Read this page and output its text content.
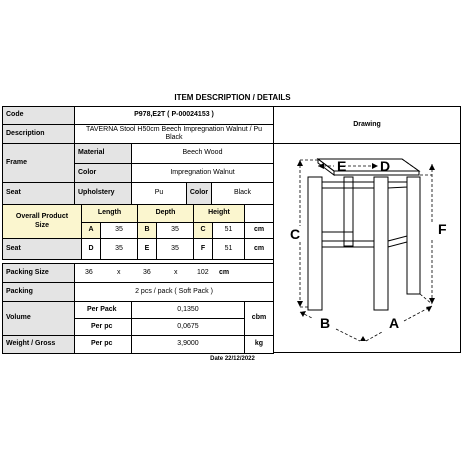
ITEM DESCRIPTION / DETAILS
Code	P978,E2T ( P-00024153 )
Drawing
E D
C	F
B	A
Description
TAVERNA Stool H50cm Beech Impregnation Walnut / Pu Black
Frame
Material	Beech Wood
Color	Impregnation Walnut
Seat	Upholstery	Pu	Color	Black
Overall Product Size
Length	Depth	Height
A	35	B	35	C	51	cm
Seat	D	35	E	35	F	51	cm
Packing Size	36	x	36	x	102 cm
Packing	2 pcs / pack ( Soft Pack )
Volume
Per Pack	0,1350
Per pc	0,0675
cbm
Weight / Gross	Per pc	3,9000	kg
Date 22/12/2022
